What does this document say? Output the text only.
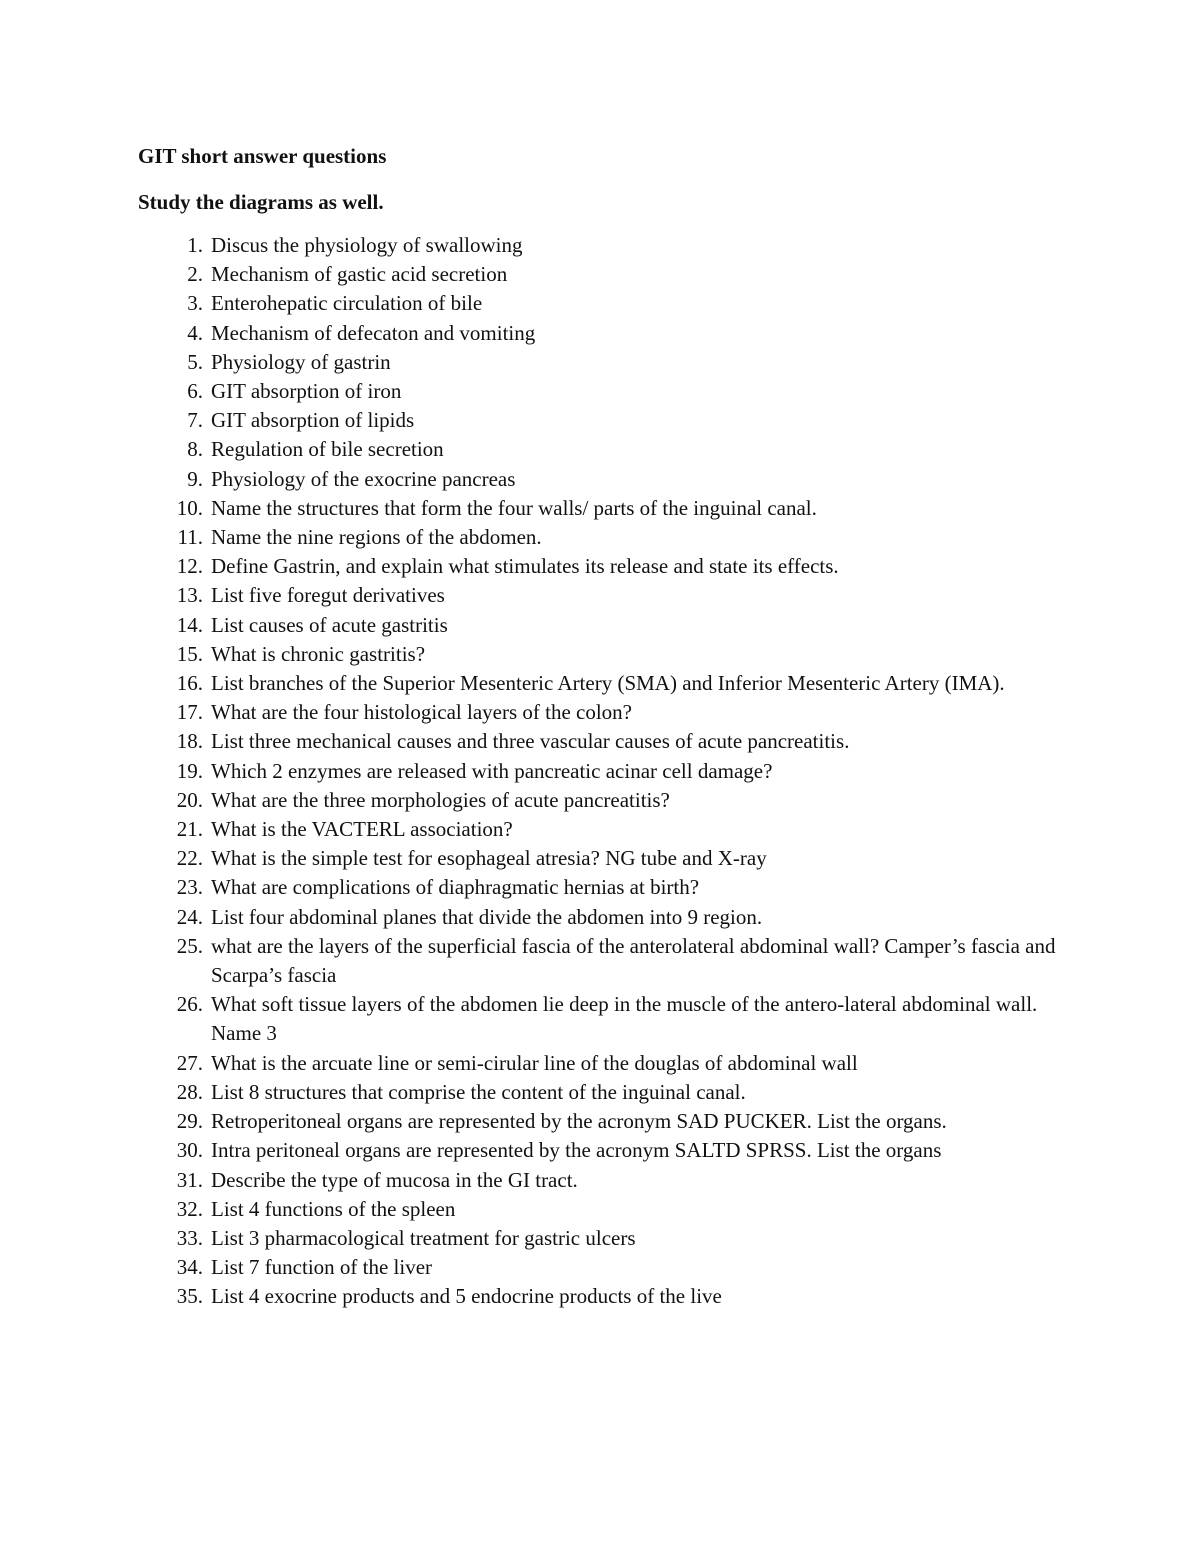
GIT short answer questions
Study the diagrams as well.
1. Discus the physiology of swallowing
2. Mechanism of gastic acid secretion
3. Enterohepatic circulation of bile
4. Mechanism of defecaton and vomiting
5. Physiology of gastrin
6. GIT absorption of iron
7. GIT absorption of lipids
8. Regulation of bile secretion
9. Physiology of the exocrine pancreas
10. Name the structures that form the four walls/ parts of the inguinal canal.
11. Name the nine regions of the abdomen.
12. Define Gastrin, and explain what stimulates its release and state its effects.
13. List five foregut derivatives
14. List causes of acute gastritis
15. What is chronic gastritis?
16. List branches of the Superior Mesenteric Artery (SMA) and Inferior Mesenteric Artery (IMA).
17. What are the four histological layers of the colon?
18. List three mechanical causes and three vascular causes of acute pancreatitis.
19. Which 2 enzymes are released with pancreatic acinar cell damage?
20. What are the three morphologies of acute pancreatitis?
21. What is the VACTERL association?
22. What is the simple test for esophageal atresia? NG tube and X-ray
23. What are complications of diaphragmatic hernias at birth?
24. List four abdominal planes that divide the abdomen into 9 region.
25. what are the layers of the superficial fascia of the anterolateral abdominal wall? Camper’s fascia and Scarpa’s fascia
26. What soft tissue layers of the abdomen lie deep in the muscle of the antero-lateral abdominal wall. Name 3
27. What is the arcuate line or semi-cirular line of the douglas of abdominal wall
28. List 8 structures that comprise the content of the inguinal canal.
29. Retroperitoneal organs are represented by the acronym SAD PUCKER. List the organs.
30. Intra peritoneal organs are represented by the acronym SALTD SPRSS. List the organs
31. Describe the type of mucosa in the GI tract.
32. List 4 functions of the spleen
33. List 3 pharmacological treatment for gastric ulcers
34. List 7 function of the liver
35. List 4 exocrine products and 5 endocrine products of the live
